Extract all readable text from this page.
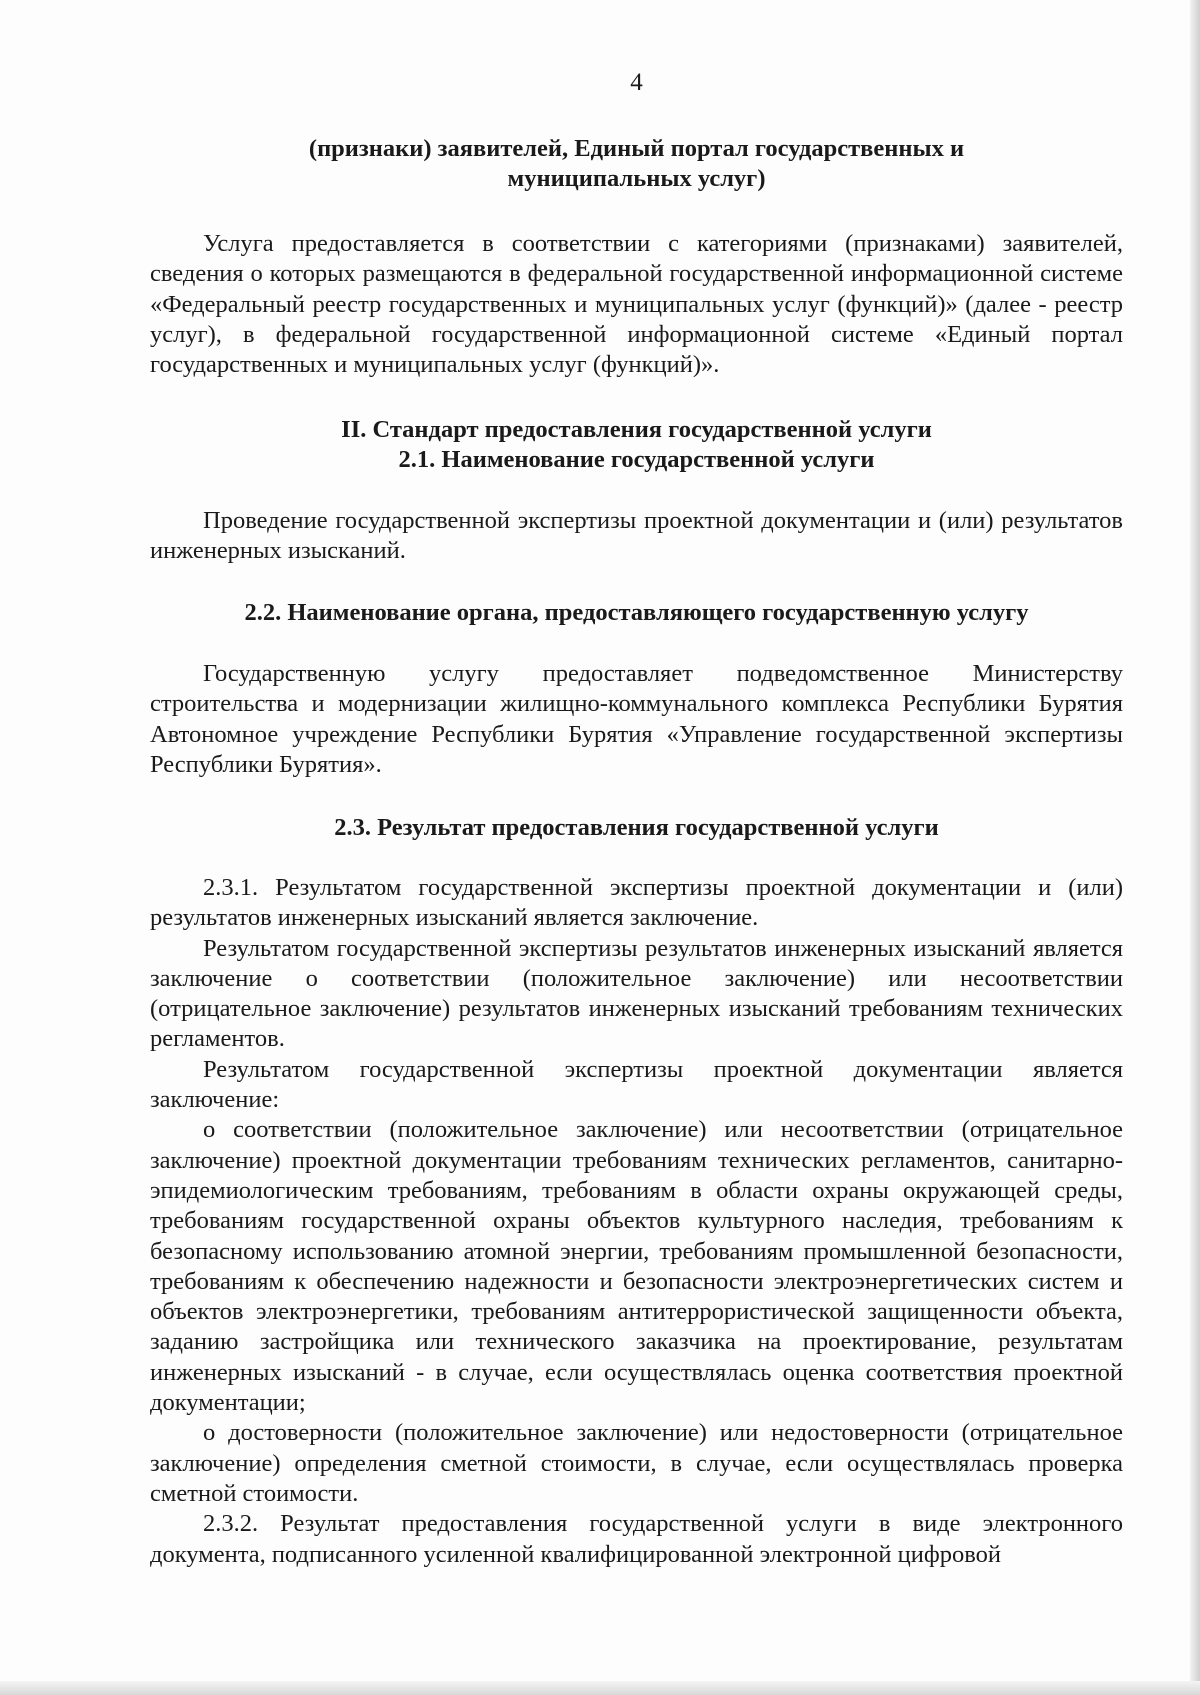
4
(признаки) заявителей, Единый портал государственных и
муниципальных услуг)

Услуга предоставляется в соответствии с категориями (признаками) заявителей, сведения о которых размещаются в федеральной государственной информационной системе «Федеральный реестр государственных и муниципальных услуг (функций)» (далее - реестр услуг), в федеральной государственной информационной системе «Единый портал государственных и муниципальных услуг (функций)».

II. Стандарт предоставления государственной услуги
2.1. Наименование государственной услуги

Проведение государственной экспертизы проектной документации и (или) результатов инженерных изысканий.

2.2. Наименование органа, предоставляющего государственную услугу

Государственную услугу предоставляет подведомственное Министерству строительства и модернизации жилищно-коммунального комплекса Республики Бурятия Автономное учреждение Республики Бурятия «Управление государственной экспертизы Республики Бурятия».

2.3. Результат предоставления государственной услуги

2.3.1. Результатом государственной экспертизы проектной документации и (или) результатов инженерных изысканий является заключение.

Результатом государственной экспертизы результатов инженерных изысканий является заключение о соответствии (положительное заключение) или несоответствии (отрицательное заключение) результатов инженерных изысканий требованиям технических регламентов.

Результатом государственной экспертизы проектной документации является заключение:

о соответствии (положительное заключение) или несоответствии (отрицательное заключение) проектной документации требованиям технических регламентов, санитарно-эпидемиологическим требованиям, требованиям в области охраны окружающей среды, требованиям государственной охраны объектов культурного наследия, требованиям к безопасному использованию атомной энергии, требованиям промышленной безопасности, требованиям к обеспечению надежности и безопасности электроэнергетических систем и объектов электроэнергетики, требованиям антитеррористической защищенности объекта, заданию застройщика или технического заказчика на проектирование, результатам инженерных изысканий - в случае, если осуществлялась оценка соответствия проектной документации;

о достоверности (положительное заключение) или недостоверности (отрицательное заключение) определения сметной стоимости, в случае, если осуществлялась проверка сметной стоимости.

2.3.2. Результат предоставления государственной услуги в виде электронного документа, подписанного усиленной квалифицированной электронной цифровой
